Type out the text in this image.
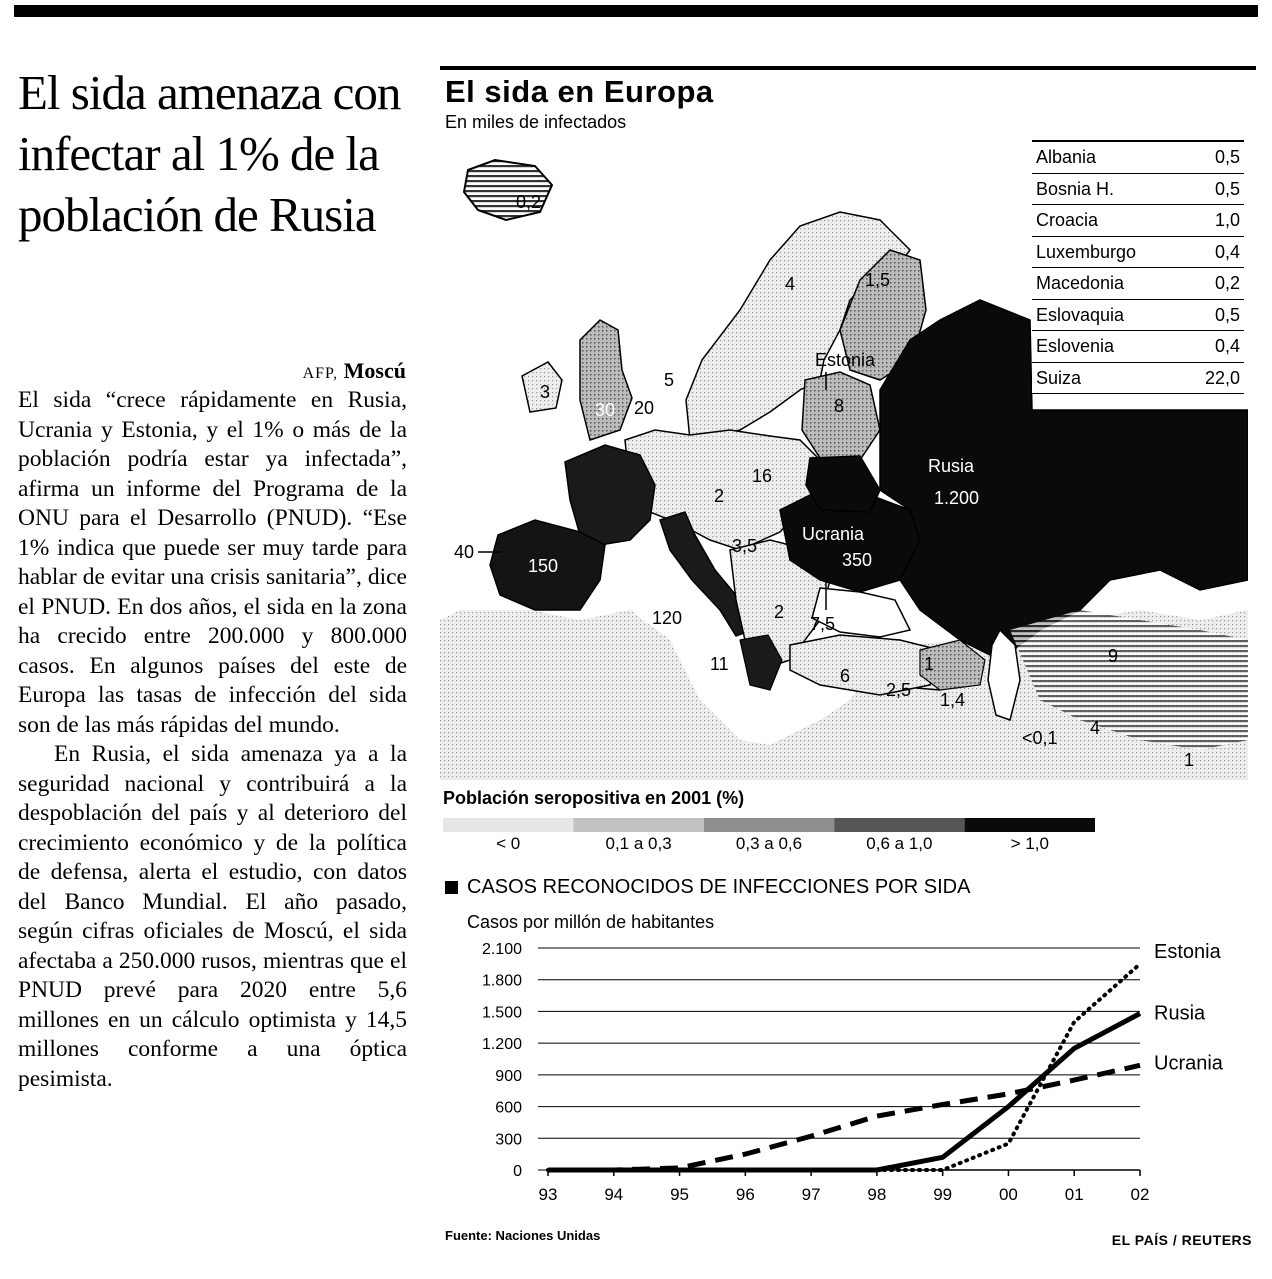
El sida amenaza con infectar al 1% de la población de Rusia
AFP, Moscú

El sida “crece rápidamente en Rusia, Ucrania y Estonia, y el 1% o más de la población podría estar ya infectada”, afirma un informe del Programa de la ONU para el Desarrollo (PNUD). “Ese 1% indica que puede ser muy tarde para hablar de evitar una crisis sanitaria”, dice el PNUD. En dos años, el sida en la zona ha crecido entre 200.000 y 800.000 casos. En algunos países del este de Europa las tasas de infección del sida son de las más rápidas del mundo.

En Rusia, el sida amenaza ya a la seguridad nacional y contribuirá a la despoblación del país y al deterioro del crecimiento económico y de la política de defensa, alerta el estudio, con datos del Banco Mundial. El año pasado, según cifras oficiales de Moscú, el sida afectaba a 250.000 rusos, mientras que el PNUD prevé para 2020 entre 5,6 millones en un cálculo optimista y 14,5 millones conforme a una óptica pesimista.

El sida en Europa
En miles de infectados
0,2
4	1,5
Estonia
8
3
30
5
20
16
2
3,5
40
150
120	7,5
2
11
6
1
2,5 1,4
9
<0,1 4
1
Rusia
1.200
Ucrania
350
Albania	0,5
Bosnia H.	0,5
Croacia	1,0
Luxemburgo	0,4
Macedonia	0,2
Eslovaquia	0,5
Eslovenia	0,4
Suiza	22,0
Población seropositiva en 2001 (%)
< 0	0,1 a 0,3	0,3 a 0,6	0,6 a 1,0	> 1,0
CASOS RECONOCIDOS DE INFECCIONES POR SIDA
Casos por millón de habitantes
2.100
1.800
1.500
1.200
900
600
300
0
93	94	95	96	97	98	99	00	01	02
Estonia
Rusia
Ucrania
Fuente: Naciones Unidas	EL PAÍS / REUTERS
